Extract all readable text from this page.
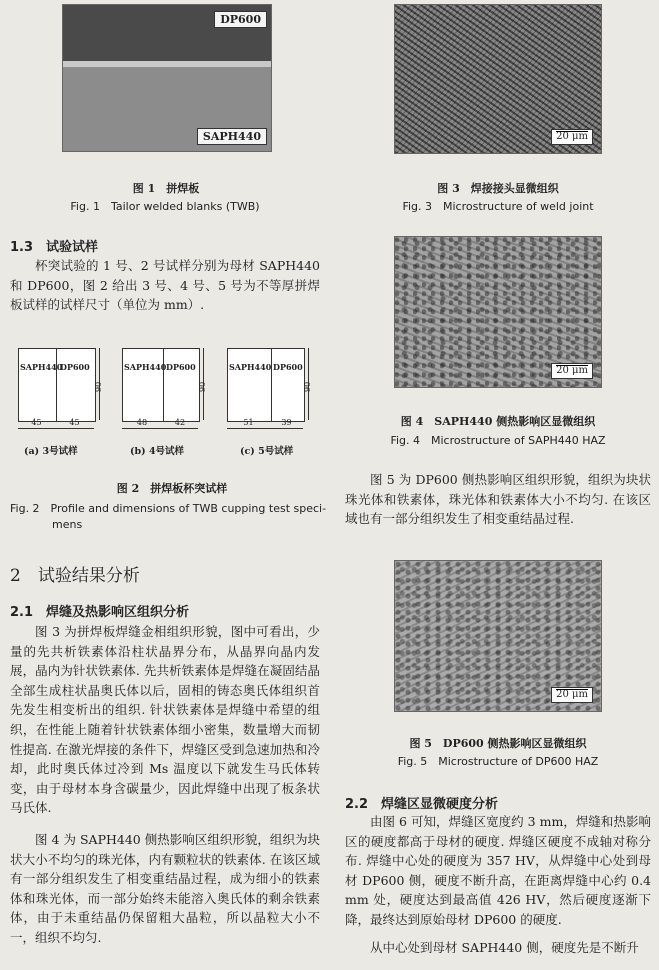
DP600
SAPH440
图 1　拼焊板
Fig. 1　Tailor welded blanks (TWB)
1.3　试验试样

杯突试验的 1 号、2 号试样分别为母材 SAPH440 和 DP600，图 2 给出 3 号、4 号、5 号为不等厚拼焊板试样的试样尺寸（单位为 mm）.

SAPH440
DP600
90
45	45
(a) 3号试样
SAPH440 DP600
90
48	42
(b) 4号试样
SAPH440 DP600
90
51	39
(c) 5号试样
图 2　拼焊板杯突试样
Fig. 2　Profile and dimensions of TWB cupping test speci-
mens
2　试验结果分析
2.1　焊缝及热影响区组织分析

图 3 为拼焊板焊缝金相组织形貌，图中可看出，少量的先共析铁素体沿柱状晶界分布，从晶界向晶内发展，晶内为针状铁素体. 先共析铁素体是焊缝在凝固结晶全部生成柱状晶奥氏体以后，固相的铸态奥氏体组织首先发生相变析出的组织. 针状铁素体是焊缝中希望的组织，在性能上随着针状铁素体细小密集，数量增大而韧性提高. 在激光焊接的条件下，焊缝区受到急速加热和冷却，此时奥氏体过冷到 Ms 温度以下就发生马氏体转变，由于母材本身含碳量少，因此焊缝中出现了板条状马氏体.

图 4 为 SAPH440 侧热影响区组织形貌，组织为块状大小不均匀的珠光体，内有颗粒状的铁素体. 在该区域有一部分组织发生了相变重结晶过程，成为细小的铁素体和珠光体，而一部分始终未能溶入奥氏体的剩余铁素体，由于未重结晶仍保留粗大晶粒，所以晶粒大小不一，组织不均匀.

20 μm
图 3　焊接接头显微组织
Fig. 3　Microstructure of weld joint
20 μm
图 4　SAPH440 侧热影响区显微组织
Fig. 4　Microstructure of SAPH440 HAZ

图 5 为 DP600 侧热影响区组织形貌，组织为块状珠光体和铁素体，珠光体和铁素体大小不均匀. 在该区域也有一部分组织发生了相变重结晶过程.

20 μm
图 5　DP600 侧热影响区显微组织
Fig. 5　Microstructure of DP600 HAZ
2.2　焊缝区显微硬度分析

由图 6 可知，焊缝区宽度约 3 mm，焊缝和热影响区的硬度都高于母材的硬度. 焊缝区硬度不成轴对称分布. 焊缝中心处的硬度为 357 HV，从焊缝中心处到母材 DP600 侧，硬度不断升高，在距离焊缝中心约 0.4 mm 处，硬度达到最高值 426 HV，然后硬度逐渐下降，最终达到原始母材 DP600 的硬度.

从中心处到母材 SAPH440 侧，硬度先是不断升
